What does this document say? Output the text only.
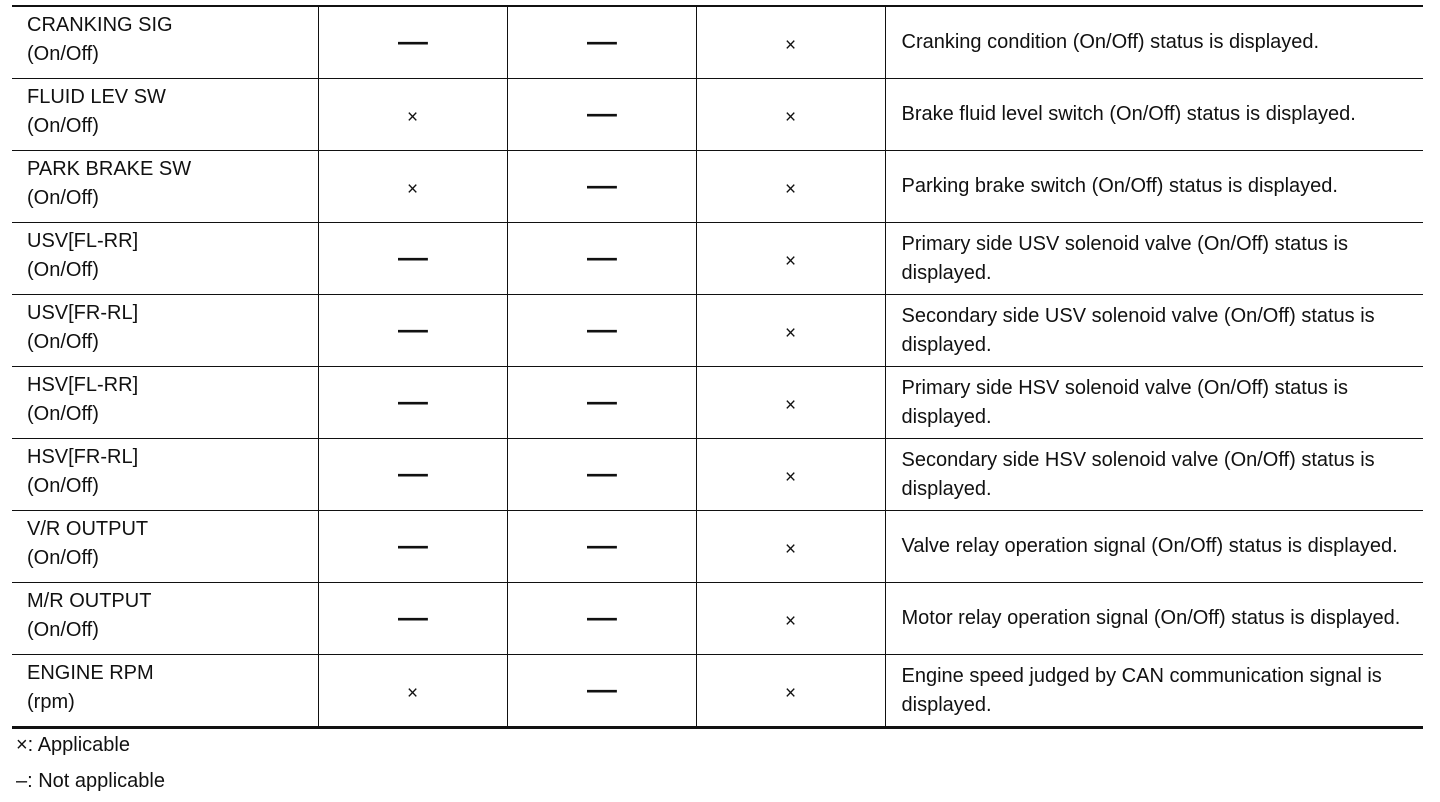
CRANKING SIG
(On/Off)	—	—	×	Cranking condition (On/Off) status is displayed.

FLUID LEV SW
(On/Off)	×	—	×	Brake fluid level switch (On/Off) status is displayed.

PARK BRAKE SW
(On/Off)	×	—	×	Parking brake switch (On/Off) status is displayed.

USV[FL-RR]
(On/Off)	—	—	×	Primary side USV solenoid valve (On/Off) status is displayed.

USV[FR-RL]
(On/Off)	—	—	×	Secondary side USV solenoid valve (On/Off) status is displayed.

HSV[FL-RR]
(On/Off)	—	—	×	Primary side HSV solenoid valve (On/Off) status is displayed.

HSV[FR-RL]
(On/Off)	—	—	×	Secondary side HSV solenoid valve (On/Off) status is displayed.

V/R OUTPUT
(On/Off)	—	—	×	Valve relay operation signal (On/Off) status is displayed.

M/R OUTPUT
(On/Off)	—	—	×	Motor relay operation signal (On/Off) status is displayed.

ENGINE RPM
(rpm)	×	—	×	Engine speed judged by CAN communication signal is displayed.
×: Applicable
–: Not applicable
